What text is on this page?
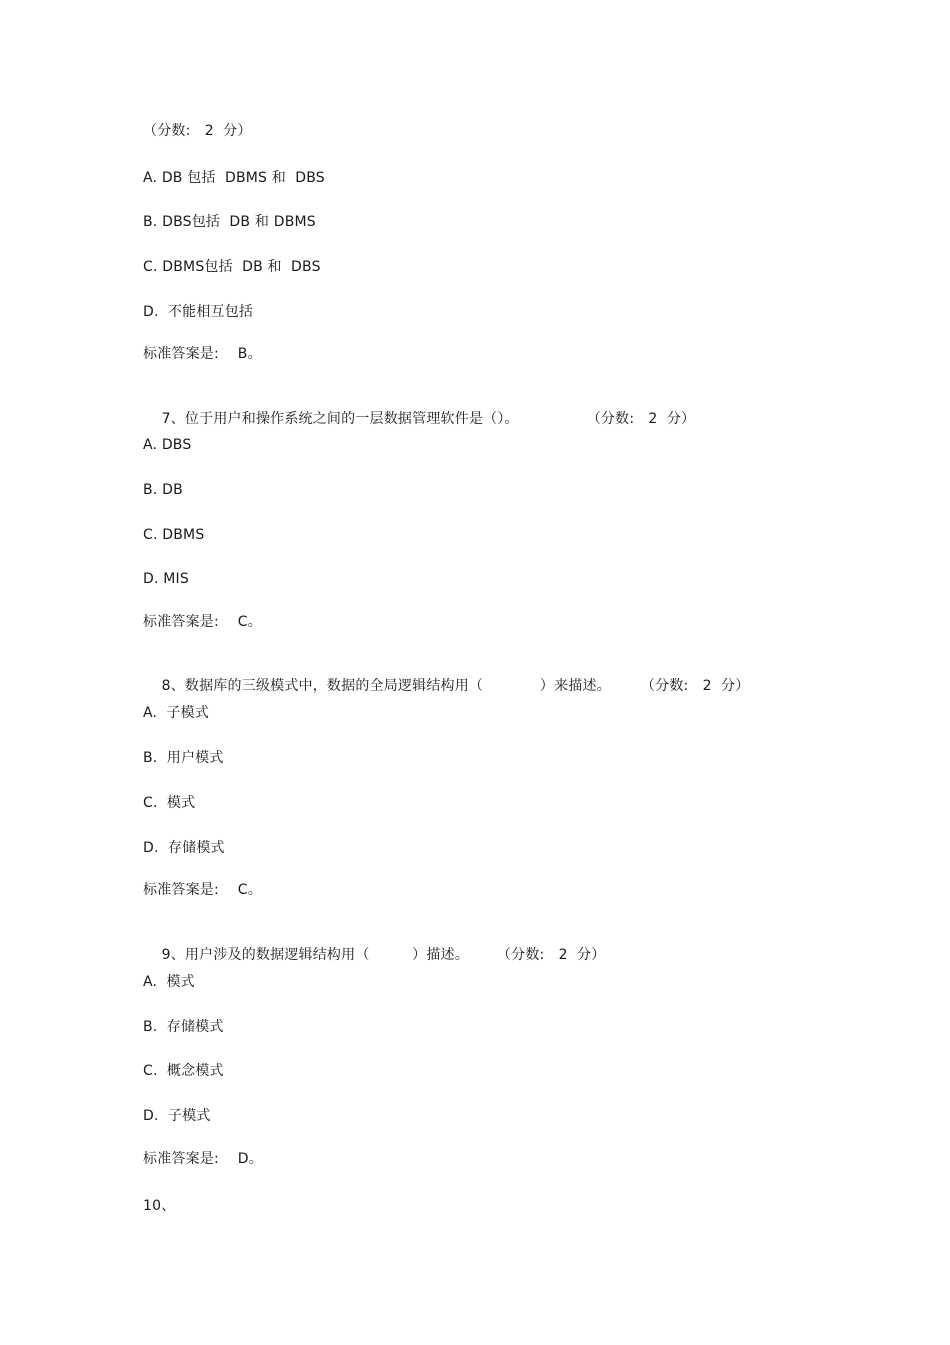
（分数:　2  分）
A. DB 包括  DBMS 和  DBS
B. DBS包括  DB 和 DBMS
C. DBMS包括  DB 和  DBS
D.  不能相互包括
标准答案是:　 B。

7、位于用户和操作系统之间的一层数据管理软件是（）。	（分数:　2  分）

A. DBS
B. DB
C. DBMS
D. MIS
标准答案是:　 C。

8、数据库的三级模式中，数据的全局逻辑结构用（　　　　）来描述。 （分数:　2  分）

A.  子模式
B.  用户模式
C.  模式
D.  存储模式
标准答案是:　 C。

9、用户涉及的数据逻辑结构用（　　　）描述。 （分数:　2  分）

A.  模式
B.  存储模式
C.  概念模式
D.  子模式
标准答案是:　 D。
10、
